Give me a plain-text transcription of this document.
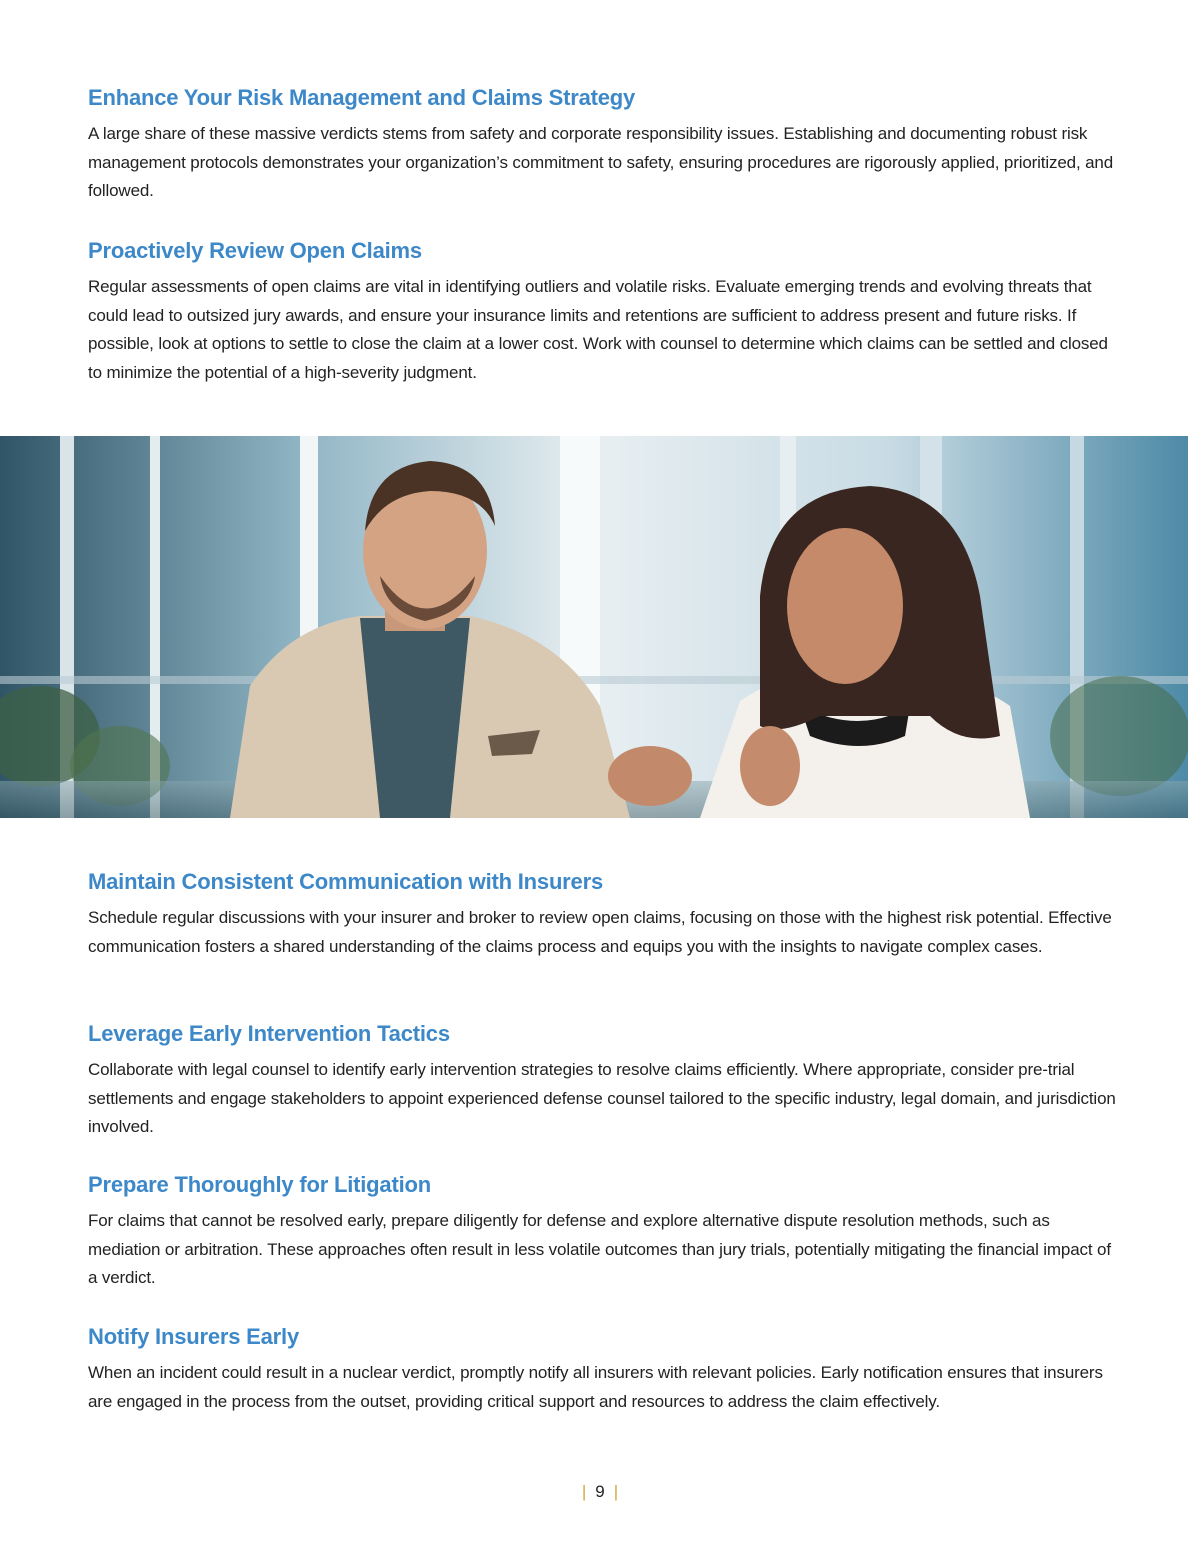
Enhance Your Risk Management and Claims Strategy

A large share of these massive verdicts stems from safety and corporate responsibility issues. Establishing and documenting robust risk management protocols demonstrates your organization’s commitment to safety, ensuring procedures are rigorously applied, prioritized, and followed.

Proactively Review Open Claims

Regular assessments of open claims are vital in identifying outliers and volatile risks. Evaluate emerging trends and evolving threats that could lead to outsized jury awards, and ensure your insurance limits and retentions are sufficient to address present and future risks. If possible, look at options to settle to close the claim at a lower cost. Work with counsel to determine which claims can be settled and closed to minimize the potential of a high-severity judgment.

Maintain Consistent Communication with Insurers

Schedule regular discussions with your insurer and broker to review open claims, focusing on those with the highest risk potential. Effective communication fosters a shared understanding of the claims process and equips you with the insights to navigate complex cases.

Leverage Early Intervention Tactics

Collaborate with legal counsel to identify early intervention strategies to resolve claims efficiently. Where appropriate, consider pre-trial settlements and engage stakeholders to appoint experienced defense counsel tailored to the specific industry, legal domain, and jurisdiction involved.

Prepare Thoroughly for Litigation

For claims that cannot be resolved early, prepare diligently for defense and explore alternative dispute resolution methods, such as mediation or arbitration. These approaches often result in less volatile outcomes than jury trials, potentially mitigating the financial impact of a verdict.

Notify Insurers Early

When an incident could result in a nuclear verdict, promptly notify all insurers with relevant policies. Early notification ensures that insurers are engaged in the process from the outset, providing critical support and resources to address the claim effectively.

| 9 |
